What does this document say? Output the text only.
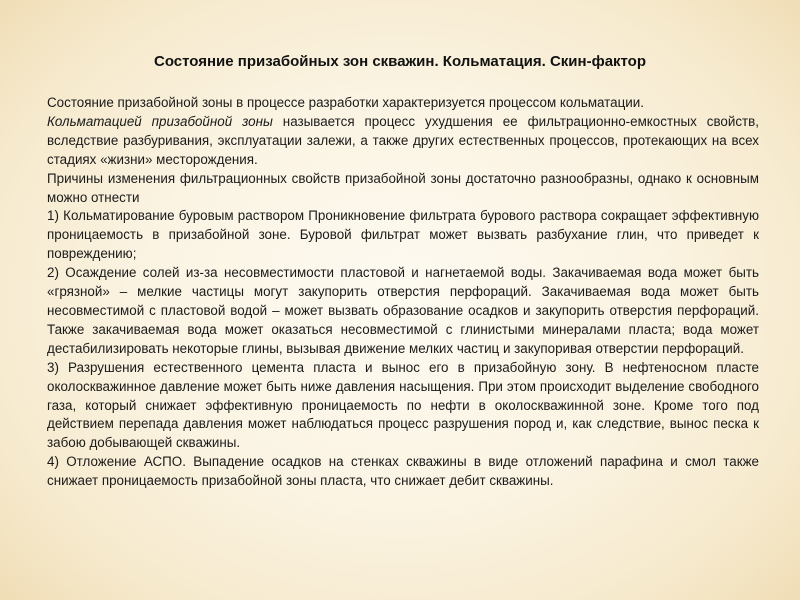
Состояние призабойных зон скважин. Кольматация. Скин-фактор

Состояние призабойной зоны в процессе разработки характеризуется процессом кольматации.

Кольматацией призабойной зоны называется процесс ухудшения ее фильтрационно-емкостных свойств, вследствие разбуривания, эксплуатации залежи, а также других естественных процессов, протекающих на всех стадиях «жизни» месторождения.

Причины изменения фильтрационных свойств призабойной зоны достаточно разнообразны, однако к основным можно отнести

1) Кольматирование буровым раствором Проникновение фильтрата бурового раствора сокращает эффективную проницаемость в призабойной зоне. Буровой фильтрат может вызвать разбухание глин, что приведет к повреждению;

2) Осаждение солей из-за несовместимости пластовой и нагнетаемой воды. Закачиваемая вода может быть «грязной» – мелкие частицы могут закупорить отверстия перфораций. Закачиваемая вода может быть несовместимой с пластовой водой – может вызвать образование осадков и закупорить отверстия перфораций. Также закачиваемая вода может оказаться несовместимой с глинистыми минералами пласта; вода может дестабилизировать некоторые глины, вызывая движение мелких частиц и закупоривая отверстии перфораций.

3) Разрушения естественного цемента пласта и вынос его в призабойную зону. В нефтеносном пласте околоскважинное давление может быть ниже давления насыщения. При этом происходит выделение свободного газа, который снижает эффективную проницаемость по нефти в околоскважинной зоне. Кроме того под действием перепада давления может наблюдаться процесс разрушения пород и, как следствие, вынос песка к забою добывающей скважины.

4) Отложение АСПО. Выпадение осадков на стенках скважины в виде отложений парафина и смол также снижает проницаемость призабойной зоны пласта, что снижает дебит скважины.
